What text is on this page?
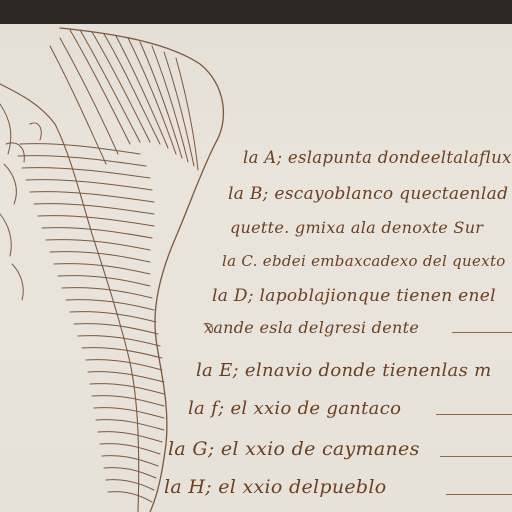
la A; eslapunta dondeeltalaflux
la B; escayoblanco quectaenlad
quette. gmixa ala denoxte Sur
la C. ebdei embaxcadexo del quexto
la D; lapoblajionque tienen enel
xande esla delgresi dente
la E; elnavio donde tienenlas m
la f; el xxio de gantaco
la G; el xxio de caymanes
la H; el xxio delpueblo
